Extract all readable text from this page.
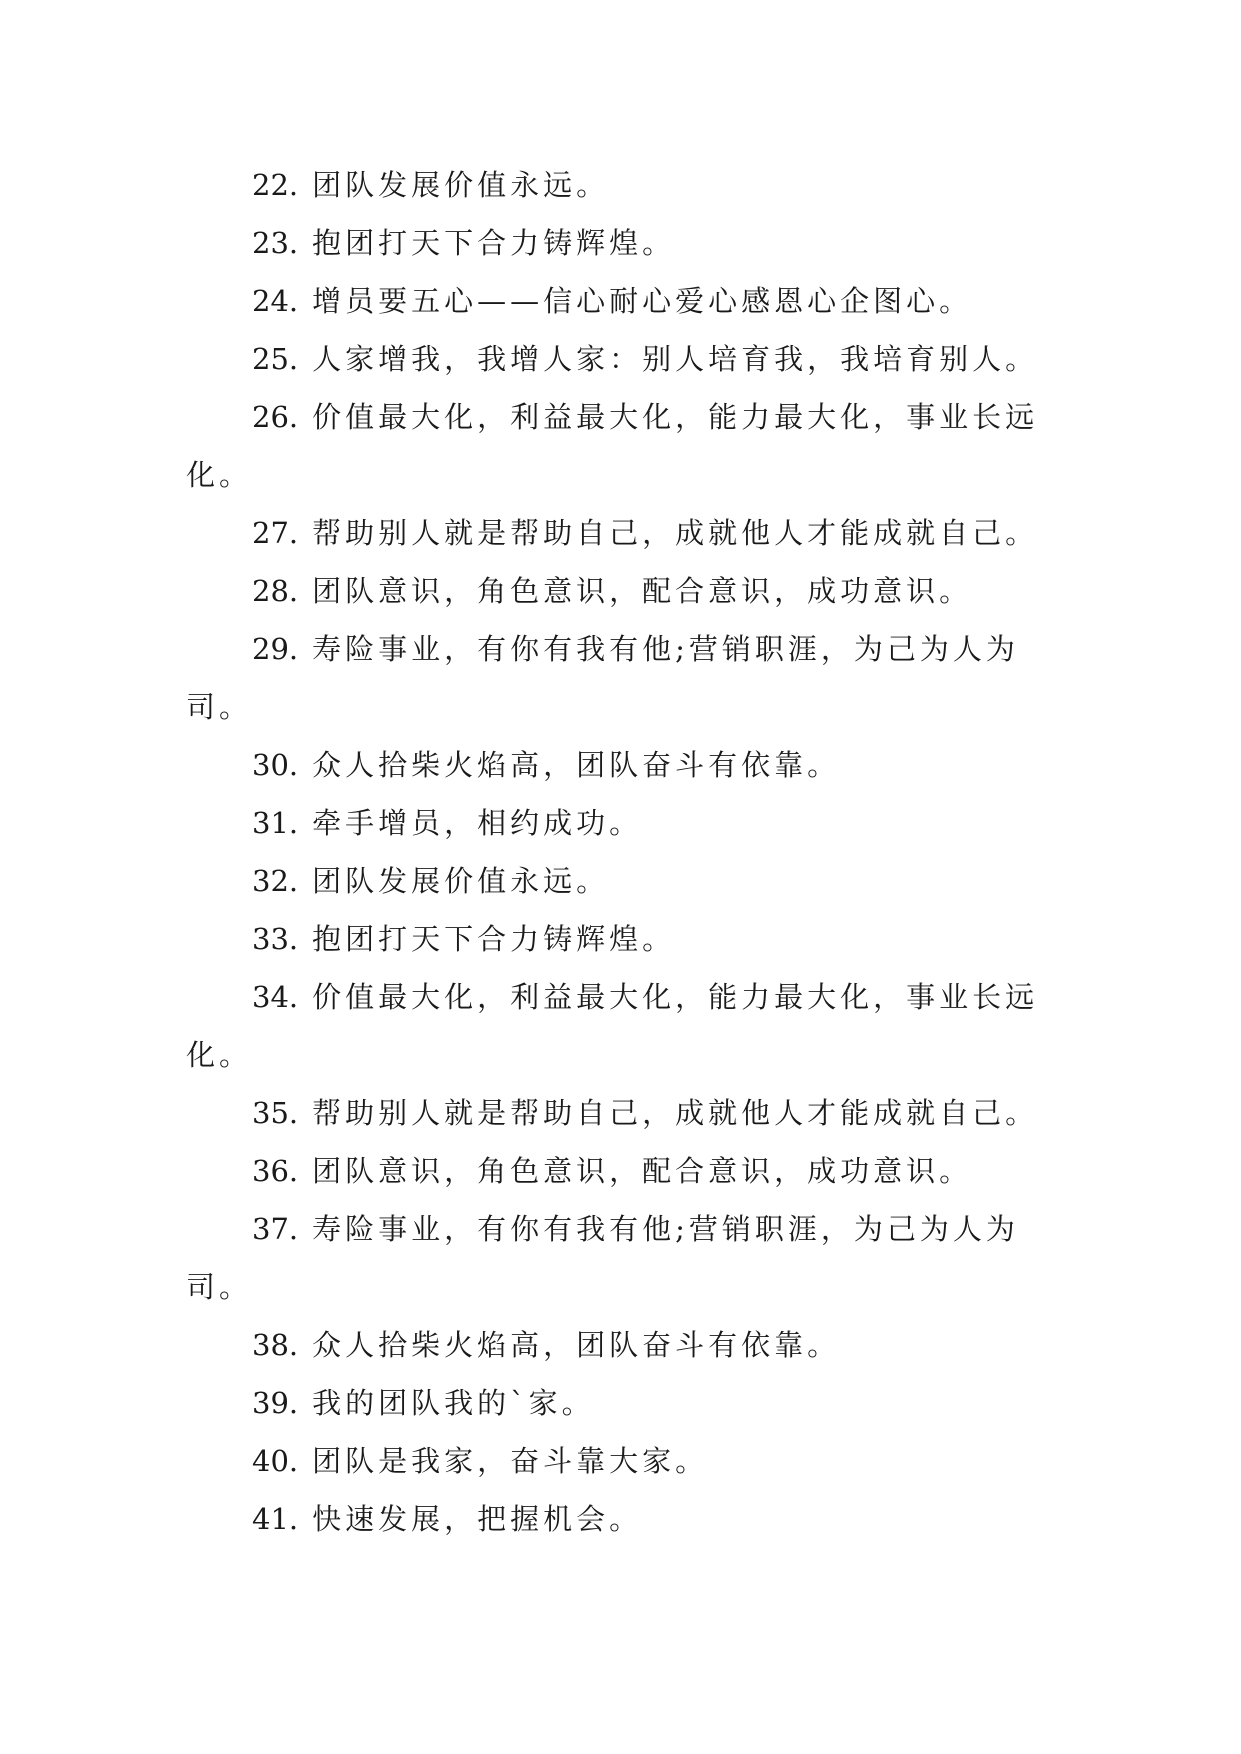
22. 团队发展价值永远。
23. 抱团打天下合力铸辉煌。
24. 增员要五心——信心耐心爱心感恩心企图心。
25. 人家增我，我增人家：别人培育我，我培育别人。
26. 价值最大化，利益最大化，能力最大化，事业长远
化。
27. 帮助别人就是帮助自己，成就他人才能成就自己。
28. 团队意识，角色意识，配合意识，成功意识。
29. 寿险事业，有你有我有他;营销职涯，为己为人为
司。
30. 众人拾柴火焰高，团队奋斗有依靠。
31. 牵手增员，相约成功。
32. 团队发展价值永远。
33. 抱团打天下合力铸辉煌。
34. 价值最大化，利益最大化，能力最大化，事业长远
化。
35. 帮助别人就是帮助自己，成就他人才能成就自己。
36. 团队意识，角色意识，配合意识，成功意识。
37. 寿险事业，有你有我有他;营销职涯，为己为人为
司。
38. 众人拾柴火焰高，团队奋斗有依靠。
39. 我的团队我的`家。
40. 团队是我家，奋斗靠大家。
41. 快速发展，把握机会。
